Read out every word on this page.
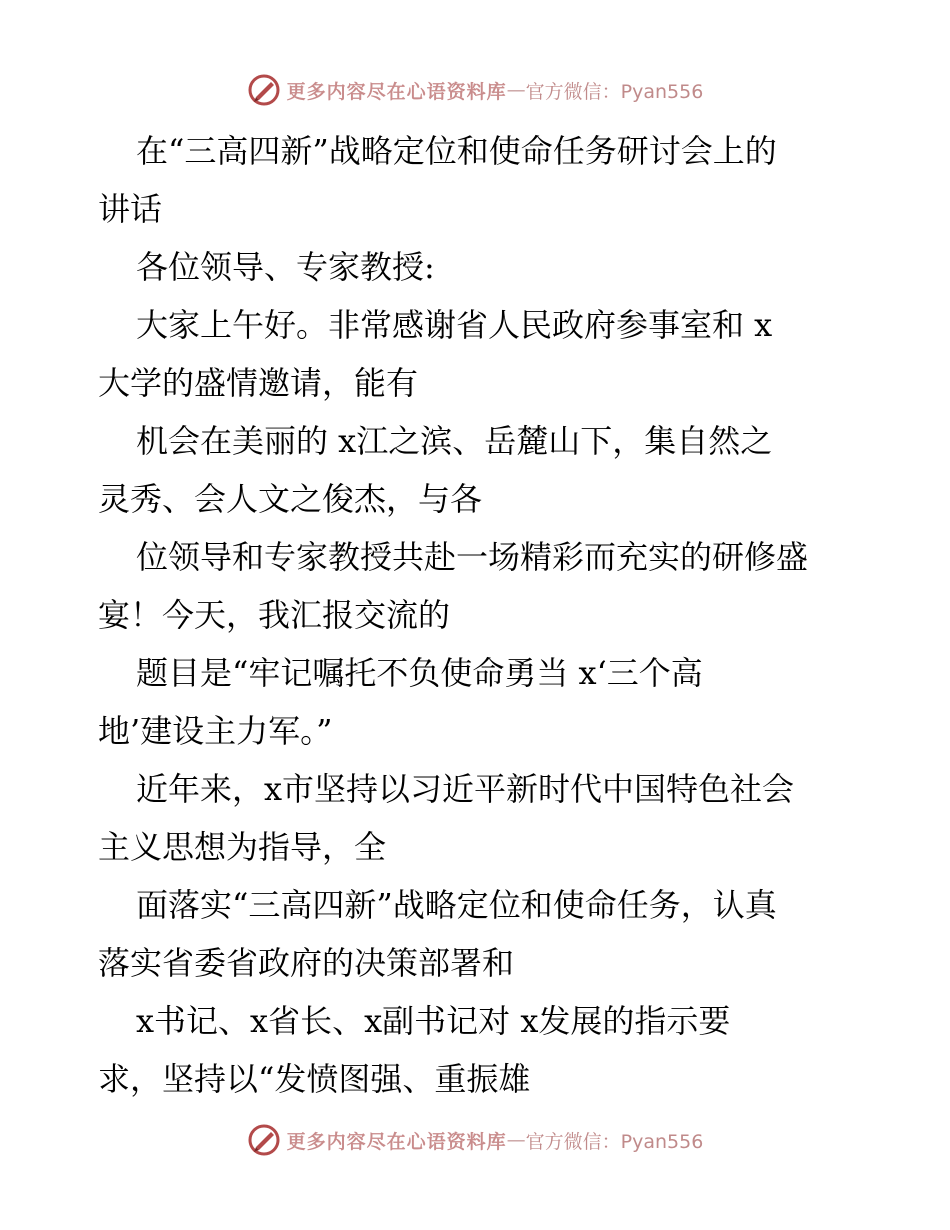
更多内容尽在心语资料库 — 官方微信：Pyan556
在“三高四新”战略定位和使命任务研讨会上的
讲话
各位领导、专家教授:
大家上午好。非常感谢省人民政府参事室和 x
大学的盛情邀请，能有
机会在美丽的 x江之滨、岳麓山下，集自然之
灵秀、会人文之俊杰，与各
位领导和专家教授共赴一场精彩而充实的研修盛
宴！今天，我汇报交流的
题目是“牢记嘱托不负使命勇当 x‘三个高
地’建设主力军。”
近年来，x市坚持以习近平新时代中国特色社会
主义思想为指导，全
面落实“三高四新”战略定位和使命任务，认真
落实省委省政府的决策部署和
x书记、x省长、x副书记对 x发展的指示要
求，坚持以“发愤图强、重振雄
更多内容尽在心语资料库 — 官方微信：Pyan556
